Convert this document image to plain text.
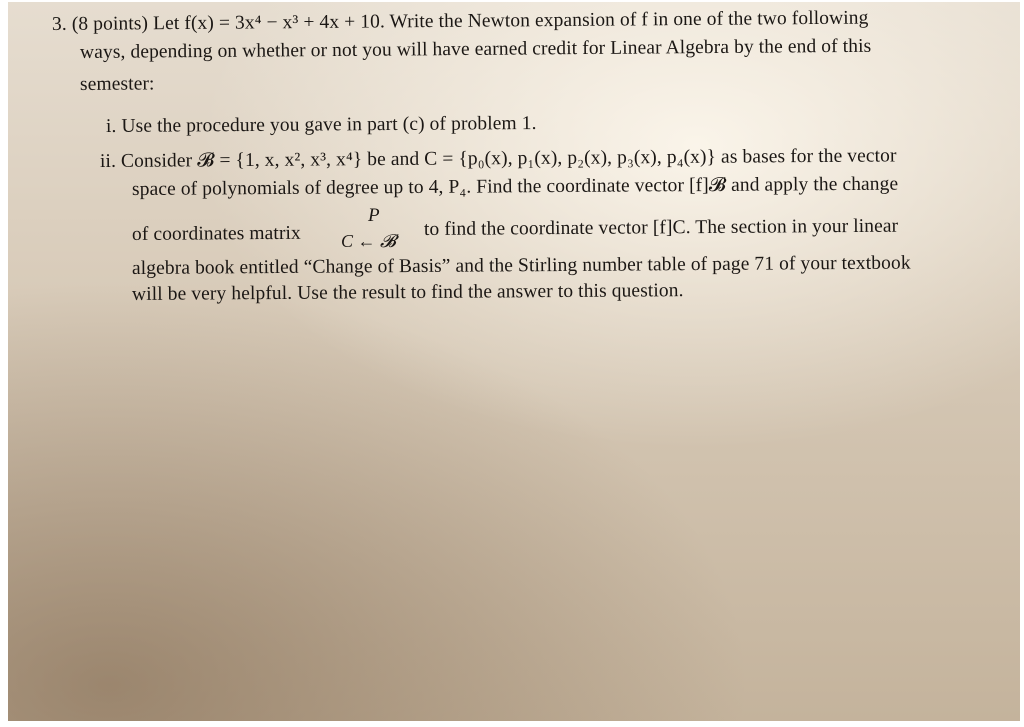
3. (8 points) Let f(x) = 3x⁴ − x³ + 4x + 10. Write the Newton expansion of f in one of the two following
ways, depending on whether or not you will have earned credit for Linear Algebra by the end of this
semester:
i. Use the procedure you gave in part (c) of problem 1.
ii. Consider 𝓑 = {1, x, x², x³, x⁴} be and C = {p₀(x), p₁(x), p₂(x), p₃(x), p₄(x)} as bases for the vector
space of polynomials of degree up to 4, P₄. Find the coordinate vector [f]𝓑 and apply the change
of coordinates matrix
P
C ← 𝓑
to find the coordinate vector [f]C. The section in your linear
algebra book entitled “Change of Basis” and the Stirling number table of page 71 of your textbook
will be very helpful. Use the result to find the answer to this question.
